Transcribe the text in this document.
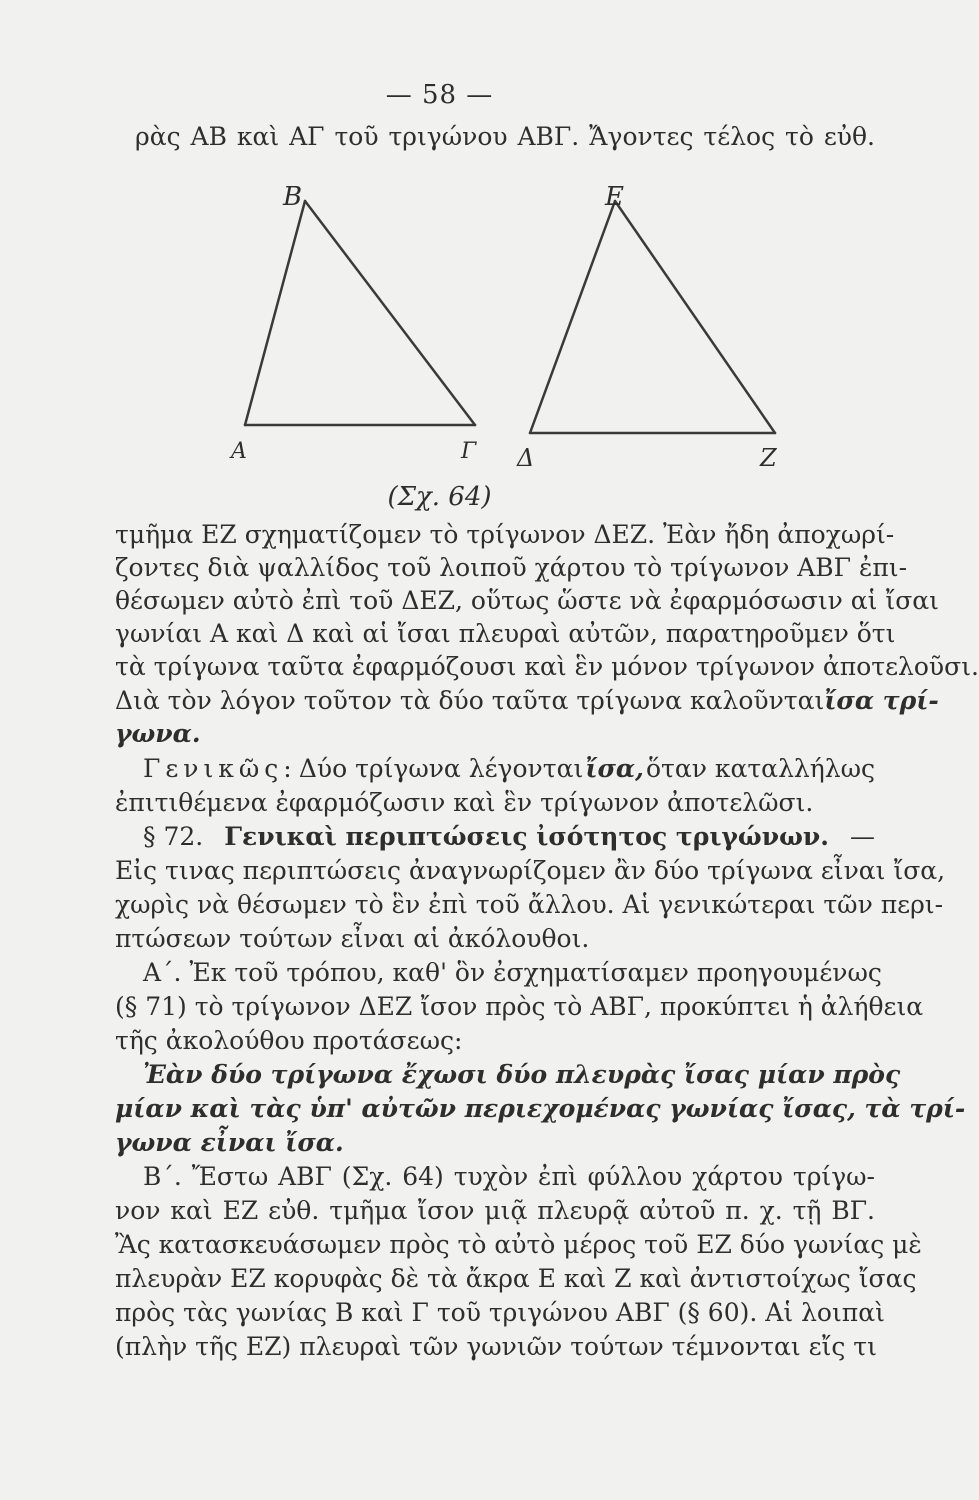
— 58 —
ρὰς ΑΒ καὶ ΑΓ τοῦ τριγώνου ΑΒΓ. Ἄγοντες τέλος τὸ εὐθ.
B
A	Γ
E
Δ	Z
(Σχ. 64)
τμῆμα ΕΖ σχηματίζομεν τὸ τρίγωνον ΔΕΖ. Ἐὰν ἤδη ἀποχωρί-
ζοντες διὰ ψαλλίδος τοῦ λοιποῦ χάρτου τὸ τρίγωνον ΑΒΓ ἐπι-
θέσωμεν αὐτὸ ἐπὶ τοῦ ΔΕΖ, οὕτως ὥστε νὰ ἐφαρμόσωσιν αἱ ἴσαι
γωνίαι Α καὶ Δ καὶ αἱ ἴσαι πλευραὶ αὐτῶν, παρατηροῦμεν ὅτι
τὰ τρίγωνα ταῦτα ἐφαρμόζουσι καὶ ἓν μόνον τρίγωνον ἀποτελοῦσι.
Διὰ τὸν λόγον τοῦτον τὰ δύο ταῦτα τρίγωνα καλοῦνται ἴσα τρί-
γωνα.
Γενικῶς: Δύο τρίγωνα λέγονται ἴσα, ὅταν καταλλήλως
ἐπιτιθέμενα ἐφαρμόζωσιν καὶ ἓν τρίγωνον ἀποτελῶσι.
§ 72. Γενικαὶ περιπτώσεις ἰσότητος τριγώνων. —
Εἰς τινας περιπτώσεις ἀναγνωρίζομεν ἂν δύο τρίγωνα εἶναι ἴσα,
χωρὶς νὰ θέσωμεν τὸ ἓν ἐπὶ τοῦ ἄλλου. Αἱ γενικώτεραι τῶν περι-
πτώσεων τούτων εἶναι αἱ ἀκόλουθοι.
Α΄. Ἐκ τοῦ τρόπου, καθ' ὃν ἐσχηματίσαμεν προηγουμένως
(§ 71) τὸ τρίγωνον ΔΕΖ ἴσον πρὸς τὸ ΑΒΓ, προκύπτει ἡ ἀλήθεια
τῆς ἀκολούθου προτάσεως:
Ἐὰν δύο τρίγωνα ἔχωσι δύο πλευρὰς ἴσας μίαν πρὸς
μίαν καὶ τὰς ὑπ' αὐτῶν περιεχομένας γωνίας ἴσας, τὰ τρί-
γωνα εἶναι ἴσα.
Β΄. Ἔστω ΑΒΓ (Σχ. 64) τυχὸν ἐπὶ φύλλου χάρτου τρίγω-
νον καὶ ΕΖ εὐθ. τμῆμα ἴσον μιᾷ πλευρᾷ αὐτοῦ π. χ. τῇ ΒΓ.
Ἂς κατασκευάσωμεν πρὸς τὸ αὐτὸ μέρος τοῦ ΕΖ δύο γωνίας μὲ
πλευρὰν ΕΖ κορυφὰς δὲ τὰ ἄκρα Ε καὶ Ζ καὶ ἀντιστοίχως ἴσας
πρὸς τὰς γωνίας Β καὶ Γ τοῦ τριγώνου ΑΒΓ (§ 60). Αἱ λοιπαὶ
(πλὴν τῆς ΕΖ) πλευραὶ τῶν γωνιῶν τούτων τέμνονται εἴς τι
